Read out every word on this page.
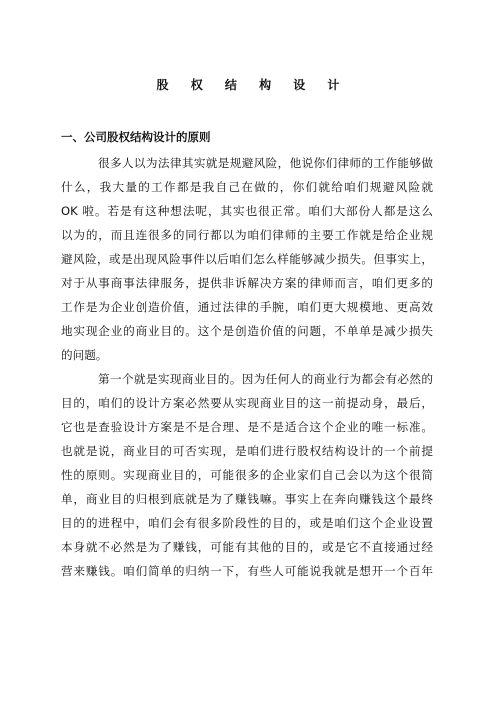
股 权 结 构 设 计
一、公司股权结构设计的原则

很多人以为法律其实就是规避风险，他说你们律师的工作能够做

什么，我大量的工作都是我自己在做的，你们就给咱们规避风险就

OK 啦。若是有这种想法呢，其实也很正常。咱们大部份人都是这么

以为的，而且连很多的同行都以为咱们律师的主要工作就是给企业规

避风险，或是出现风险事件以后咱们怎么样能够减少损失。但事实上，

对于从事商事法律服务，提供非诉解决方案的律师而言，咱们更多的

工作是为企业创造价值，通过法律的手腕，咱们更大规模地、更高效

地实现企业的商业目的。这个是创造价值的问题，不单单是减少损失

的问题。

第一个就是实现商业目的。因为任何人的商业行为都会有必然的

目的，咱们的设计方案必然要从实现商业目的这一前提动身，最后，

它也是查验设计方案是不是合理、是不是适合这个企业的唯一标准。

也就是说，商业目的可否实现，是咱们进行股权结构设计的一个前提

性的原则。实现商业目的，可能很多的企业家们自己会以为这个很简

单，商业目的归根到底就是为了赚钱嘛。事实上在奔向赚钱这个最终

目的的进程中，咱们会有很多阶段性的目的，或是咱们这个企业设置

本身就不必然是为了赚钱，可能有其他的目的，或是它不直接通过经

营来赚钱。咱们简单的归纳一下，有些人可能说我就是想开一个百年
